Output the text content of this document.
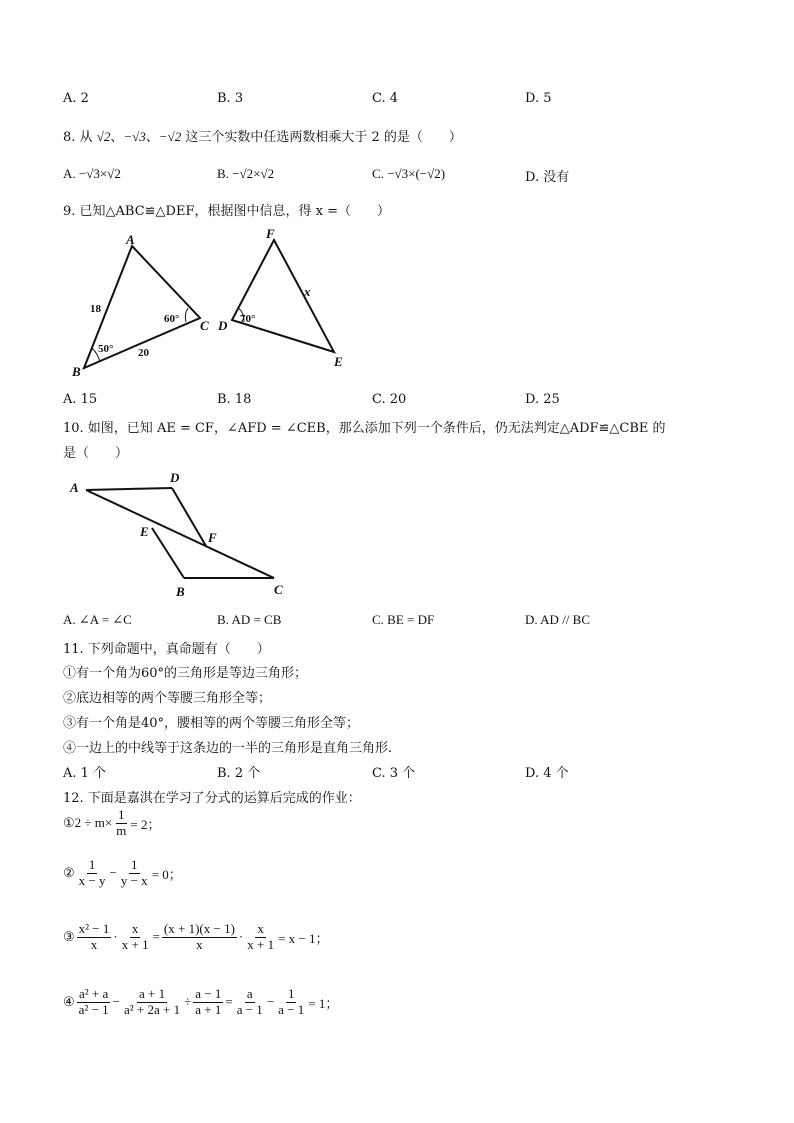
A. 2	B. 3	C. 4	D. 5
8. 从 √2、−√3、−√2 这三个实数中任选两数相乘大于 2 的是（　　）
A. −√3×√2	B. −√2×√2	C. −√3×(−√2)	D. 没有
9. 已知△ABC≌△DEF，根据图中信息，得 x =（　　）
A
B
C
18
20
50°
60°
F
D
E
70°
x
A. 15	B. 18	C. 20	D. 25
10. 如图，已知 AE = CF，∠AFD = ∠CEB，那么添加下列一个条件后，仍无法判定△ADF≌△CBE 的
是（　　）
A
D
E	F
B	C
A. ∠A = ∠C	B. AD = CB	C. BE = DF	D. AD // BC
11. 下列命题中，真命题有（　　）
①有一个角为60°的三角形是等边三角形；
②底边相等的两个等腰三角形全等；
③有一个角是40°，腰相等的两个等腰三角形全等；
④一边上的中线等于这条边的一半的三角形是直角三角形.
A. 1 个	B. 2 个	C. 3 个	D. 4 个
12. 下面是嘉淇在学习了分式的运算后完成的作业：
① $2 \div m\times \frac{1}{m} = 2$；
② $\frac{1}{x - y} - \frac{1}{y - x} = 0$；
③ $\frac{\text{x² − 1}}{x} \cdot \frac{x}{x + 1} = \frac{(x + 1)(x - 1)}{x} \cdot \frac{x}{x + 1} = x - 1$；
④ $\frac{\text{a² + a}}{\text{a² − 1}} - \frac{a + 1}{\text{a² + 2a + 1}} \div \frac{a - 1}{a + 1} = \frac{a}{a - 1} - \frac{1}{a - 1} = 1$；
